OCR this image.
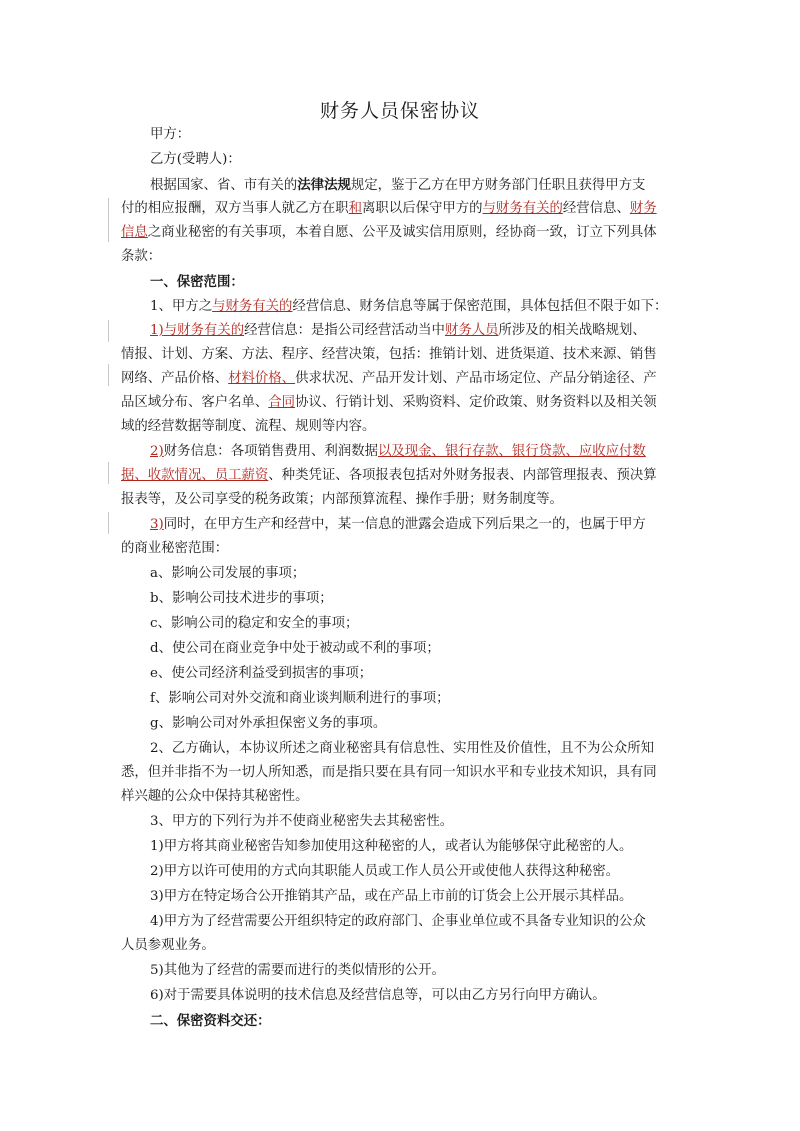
财务人员保密协议
甲方：
乙方(受聘人)：
根据国家、省、市有关的法律法规规定，鉴于乙方在甲方财务部门任职且获得甲方支
付的相应报酬，双方当事人就乙方在职和离职以后保守甲方的与财务有关的经营信息、财务
信息之商业秘密的有关事项，本着自愿、公平及诚实信用原则，经协商一致，订立下列具体
条款：
一、保密范围：
1、甲方之与财务有关的经营信息、财务信息等属于保密范围，具体包括但不限于如下：
1)与财务有关的经营信息：是指公司经营活动当中财务人员所涉及的相关战略规划、
情报、计划、方案、方法、程序、经营决策，包括：推销计划、进货渠道、技术来源、销售
网络、产品价格、材料价格、供求状况、产品开发计划、产品市场定位、产品分销途径、产
品区域分布、客户名单、合同协议、行销计划、采购资料、定价政策、财务资料以及相关领
域的经营数据等制度、流程、规则等内容。
2)财务信息：各项销售费用、利润数据以及现金、银行存款、银行贷款、应收应付数
据、收款情况、员工薪资、种类凭证、各项报表包括对外财务报表、内部管理报表、预决算
报表等，及公司享受的税务政策；内部预算流程、操作手册；财务制度等。
3)同时，在甲方生产和经营中，某一信息的泄露会造成下列后果之一的，也属于甲方
的商业秘密范围：
a、影响公司发展的事项；
b、影响公司技术进步的事项；
c、影响公司的稳定和安全的事项；
d、使公司在商业竞争中处于被动或不利的事项；
e、使公司经济利益受到损害的事项；
f、影响公司对外交流和商业谈判顺利进行的事项；
g、影响公司对外承担保密义务的事项。
2、乙方确认，本协议所述之商业秘密具有信息性、实用性及价值性，且不为公众所知
悉，但并非指不为一切人所知悉，而是指只要在具有同一知识水平和专业技术知识，具有同
样兴趣的公众中保持其秘密性。
3、甲方的下列行为并不使商业秘密失去其秘密性。
1)甲方将其商业秘密告知参加使用这种秘密的人，或者认为能够保守此秘密的人。
2)甲方以许可使用的方式向其职能人员或工作人员公开或使他人获得这种秘密。
3)甲方在特定场合公开推销其产品，或在产品上市前的订货会上公开展示其样品。
4)甲方为了经营需要公开组织特定的政府部门、企事业单位或不具备专业知识的公众
人员参观业务。
5)其他为了经营的需要而进行的类似情形的公开。
6)对于需要具体说明的技术信息及经营信息等，可以由乙方另行向甲方确认。
二、保密资料交还：
